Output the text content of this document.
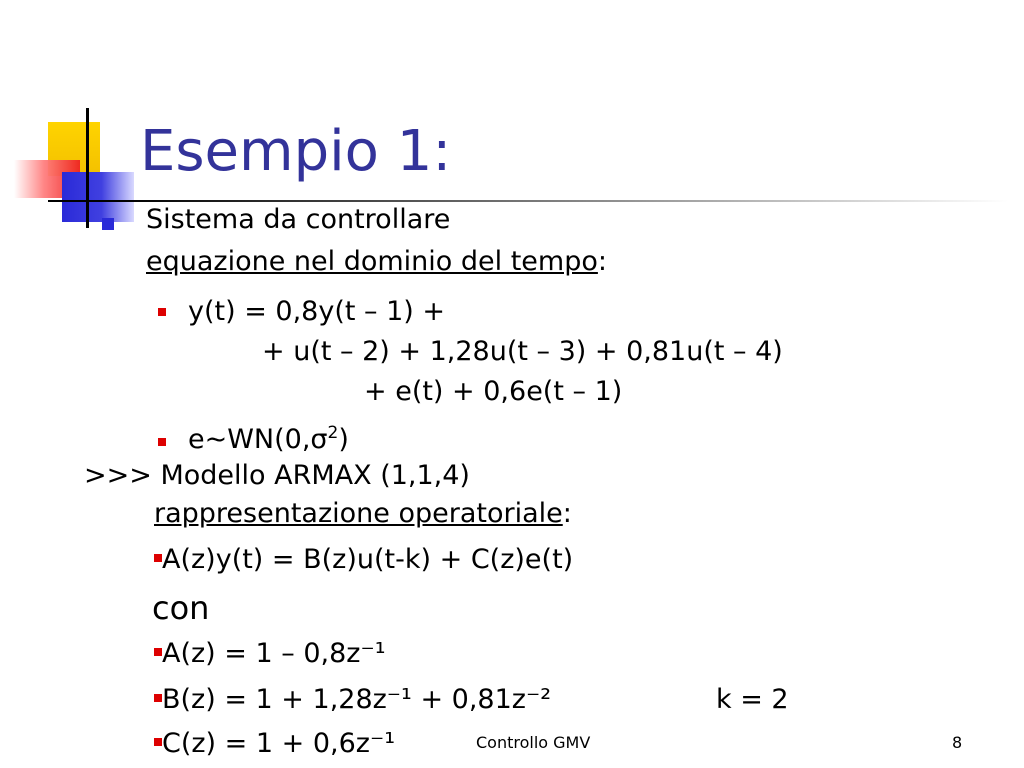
Esempio 1:
Sistema da controllare
equazione nel dominio del tempo:
y(t) = 0,8y(t – 1) +
+ u(t – 2) + 1,28u(t – 3) + 0,81u(t – 4)
+ e(t) + 0,6e(t – 1)
$e\sim WN(0,\sigma^2)$
>>> Modello ARMAX (1,1,4)
rappresentazione operatoriale:
A(z)y(t) = B(z)u(t-k) + C(z)e(t)
con
A(z) = 1 – 0,8z⁻¹
B(z) = 1 + 1,28z⁻¹ + 0,81z⁻²	k = 2
C(z) = 1 + 0,6z⁻¹	Controllo GMV	8
